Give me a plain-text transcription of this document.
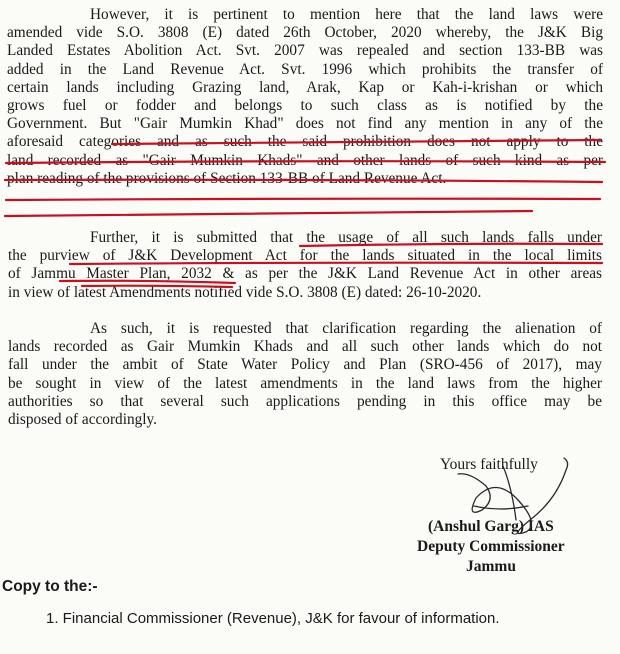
However, it is pertinent to mention here that the land laws were
amended vide S.O. 3808 (E) dated 26th October, 2020 whereby, the J&K Big
Landed Estates Abolition Act. Svt. 2007 was repealed and section 133-BB was
added in the Land Revenue Act. Svt. 1996 which prohibits the transfer of
certain lands including Grazing land, Arak, Kap or Kah-i-krishan or which
grows fuel or fodder and belongs to such class as is notified by the
Government. But "Gair Mumkin Khad" does not find any mention in any of the
aforesaid categories and as such the said prohibition does not apply to the
land recorded as "Gair Mumkin Khads" and other lands of such kind as per
plan reading of the provisions of Section 133-BB of Land Revenue Act.
Further, it is submitted that the usage of all such lands falls under
the purview of J&K Development Act for the lands situated in the local limits
of Jammu Master Plan, 2032 & as per the J&K Land Revenue Act in other areas
in view of latest Amendments notified vide S.O. 3808 (E) dated: 26-10-2020.
As such, it is requested that clarification regarding the alienation of
lands recorded as Gair Mumkin Khads and all such other lands which do not
fall under the ambit of State Water Policy and Plan (SRO-456 of 2017), may
be sought in view of the latest amendments in the land laws from the higher
authorities so that several such applications pending in this office may be
disposed of accordingly.
Yours faithfully
(Anshul Garg) IAS
Deputy Commissioner
Jammu
Copy to the:-
1. Financial Commissioner (Revenue), J&K for favour of information.
